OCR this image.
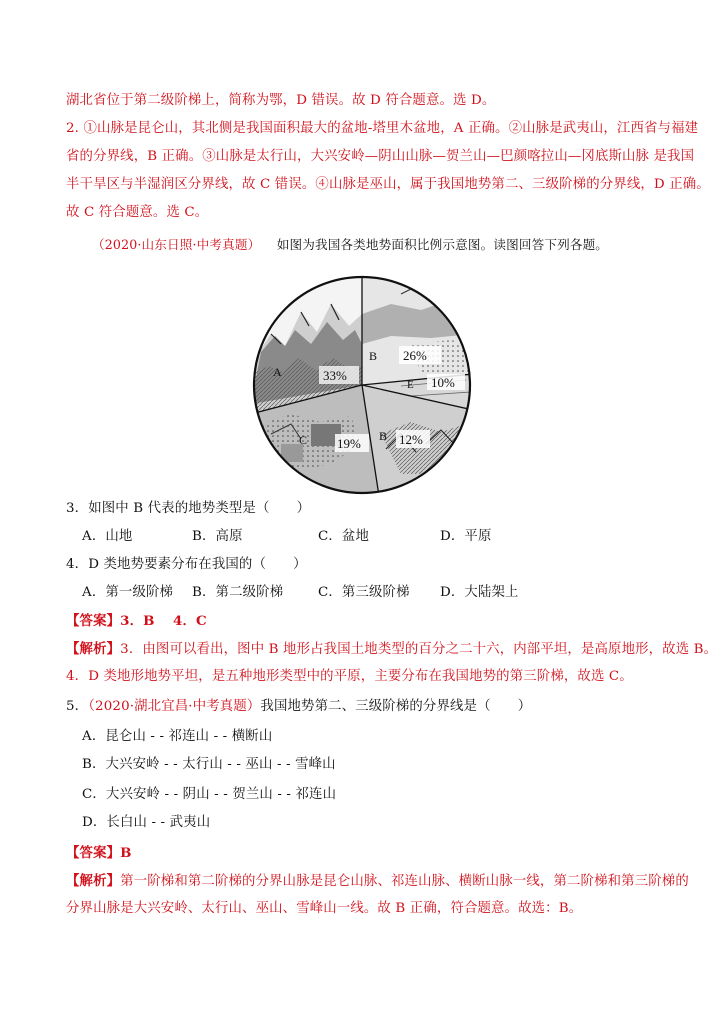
湖北省位于第二级阶梯上，简称为鄂，D 错误。故 D 符合题意。选 D。
2. ①山脉是昆仑山，其北侧是我国面积最大的盆地-塔里木盆地，A 正确。②山脉是武夷山，江西省与福建
省的分界线，B 正确。③山脉是太行山，大兴安岭—阴山山脉—贺兰山—巴颜喀拉山—冈底斯山脉 是我国
半干旱区与半湿润区分界线，故 C 错误。④山脉是巫山，属于我国地势第二、三级阶梯的分界线，D 正确。
故 C 符合题意。选 C。
（2020·山东日照·中考真题） 如图为我国各类地势面积比例示意图。读图回答下列各题。
A	33%
B 26%
E 10%
C 19% B 12%
3．如图中 B 代表的地势类型是（　　）
A．山地	B．高原	C．盆地	D．平原
4．D 类地势要素分布在我国的（　　）
A．第一级阶梯 B．第二级阶梯	C．第三级阶梯 D．大陆架上
【答案】3．B　 4．C
【解析】3．由图可以看出，图中 B 地形占我国土地类型的百分之二十六，内部平坦，是高原地形，故选 B。
4．D 类地形地势平坦，是五种地形类型中的平原，主要分布在我国地势的第三阶梯，故选 C。
5．（2020·湖北宜昌·中考真题）我国地势第二、三级阶梯的分界线是（　　）
A．昆仑山 - - 祁连山 - - 横断山
B．大兴安岭 - - 太行山 - - 巫山 - - 雪峰山
C．大兴安岭 - - 阴山 - - 贺兰山 - - 祁连山
D．长白山 - - 武夷山
【答案】B
【解析】第一阶梯和第二阶梯的分界山脉是昆仑山脉、祁连山脉、横断山脉一线，第二阶梯和第三阶梯的
分界山脉是大兴安岭、太行山、巫山、雪峰山一线。故 B 正确，符合题意。故选：B。
